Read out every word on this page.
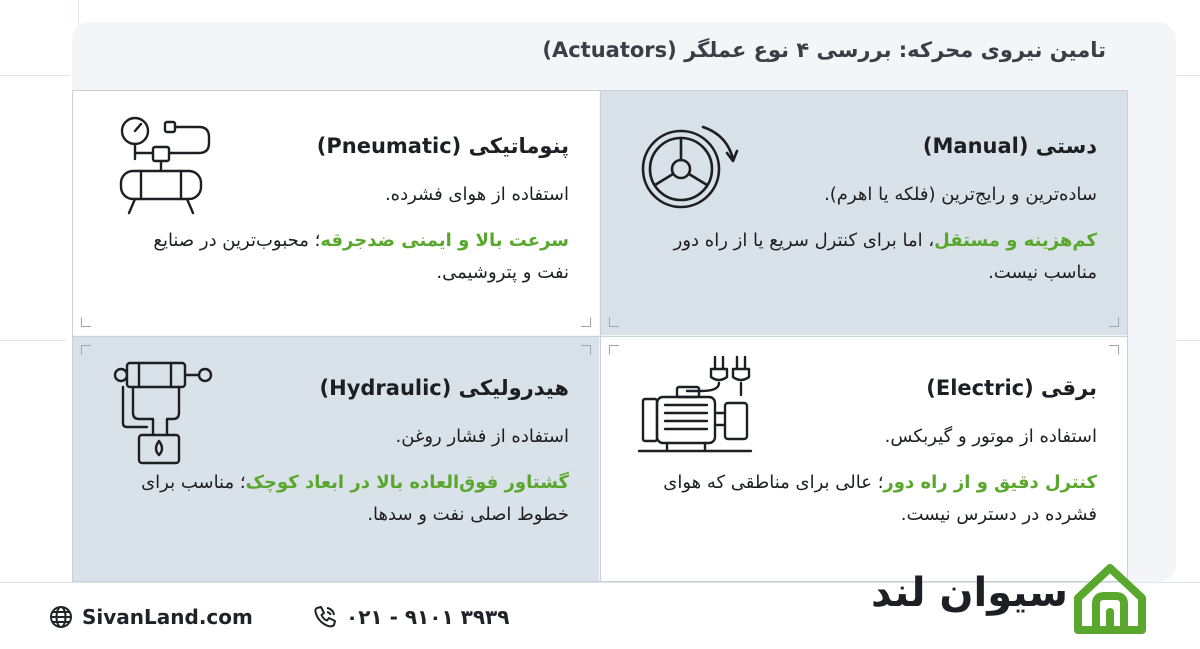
تامین نیروی محرکه: بررسی ۴ نوع عملگر (Actuators)
پنوماتیکی (Pneumatic)
استفاده از هوای فشرده.
سرعت بالا و ایمنی ضدجرقه؛ محبوب‌ترین در صنایع نفت و پتروشیمی.
دستی (Manual)
ساده‌ترین و رایج‌ترین (فلکه یا اهرم).
کم‌هزینه و مستقل، اما برای کنترل سریع یا از راه دور مناسب نیست.
هیدرولیکی (Hydraulic)
استفاده از فشار روغن.
گشتاور فوق‌العاده بالا در ابعاد کوچک؛ مناسب برای خطوط اصلی نفت و سدها.
برقی (Electric)
استفاده از موتور و گیربکس.
کنترل دقیق و از راه دور؛ عالی برای مناطقی که هوای فشرده در دسترس نیست.
SivanLand.com	۰۲۱ - ۹۱۰۱ ۳۹۳۹
سیوان لند
